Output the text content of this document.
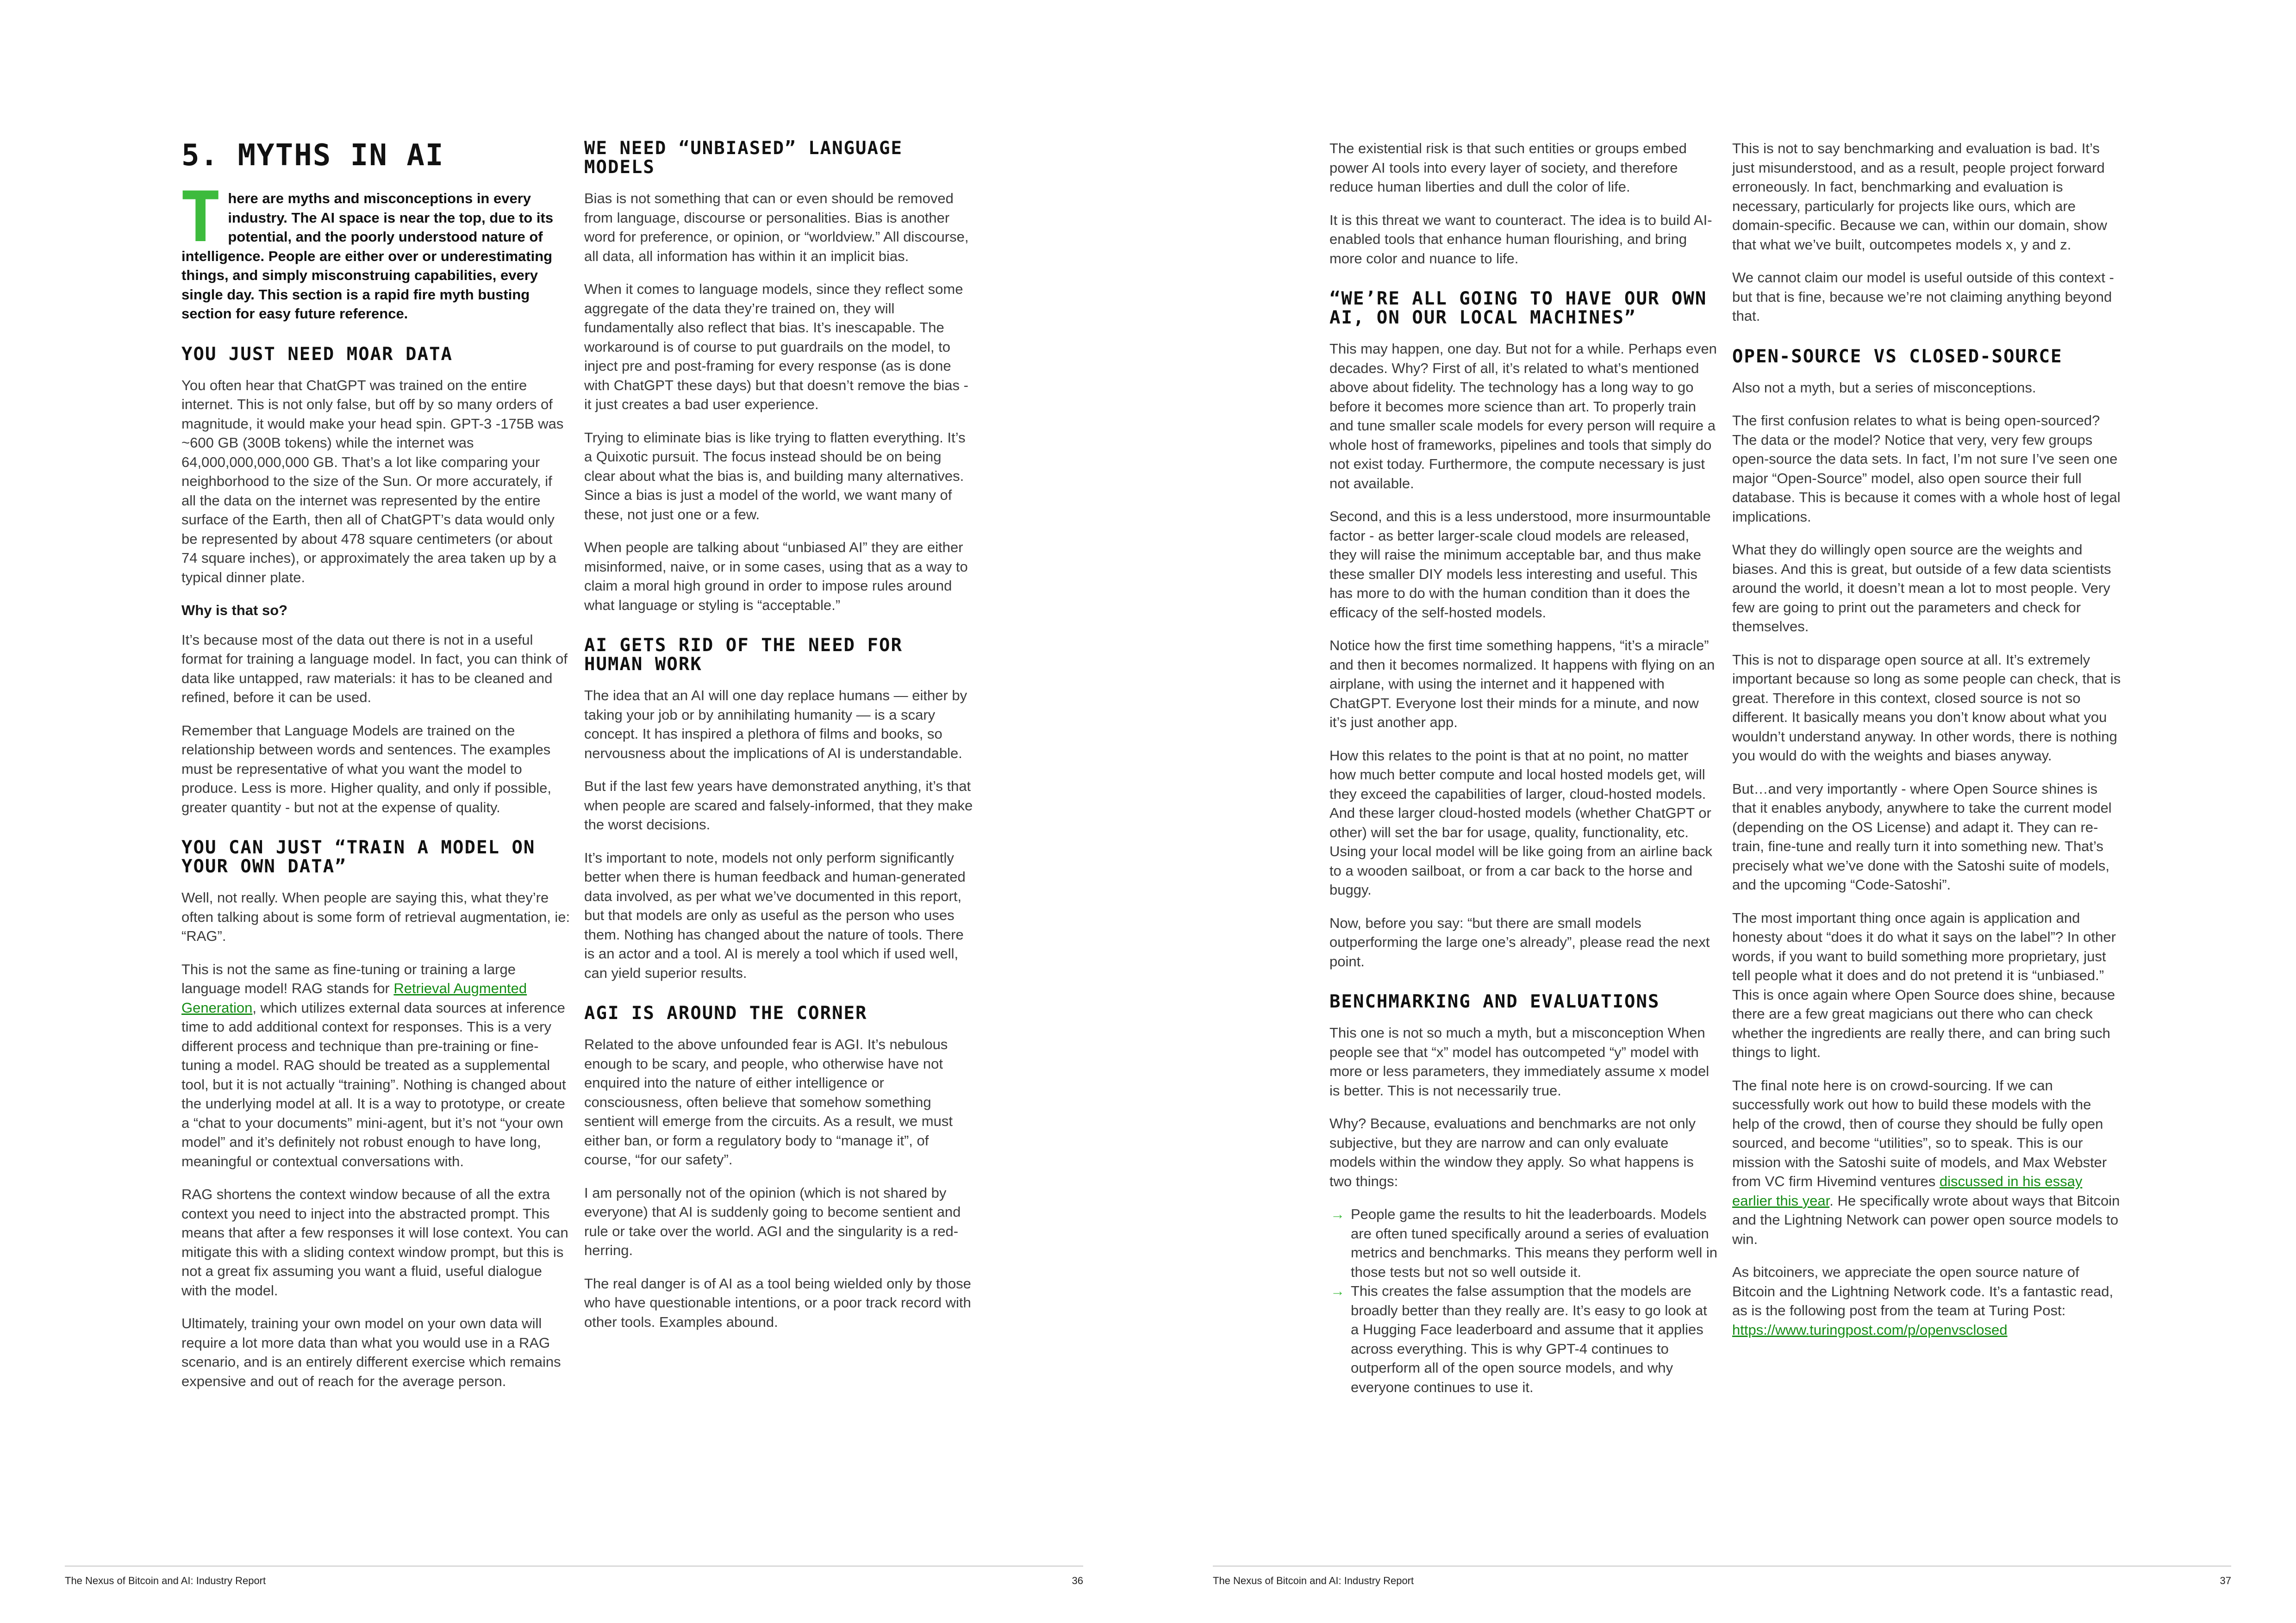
5. MYTHS IN AI

There are myths and misconceptions in every industry. The AI space is near the top, due to its potential, and the poorly understood nature of intelligence. People are either over or underestimating things, and simply misconstruing capabilities, every single day. This section is a rapid fire myth busting section for easy future reference.

YOU JUST NEED MOAR DATA

You often hear that ChatGPT was trained on the entire internet. This is not only false, but off by so many orders of magnitude, it would make your head spin. GPT-3 -175B was ~600 GB (300B tokens) while the internet was 64,000,000,000,000 GB. That’s a lot like comparing your neighborhood to the size of the Sun. Or more accurately, if all the data on the internet was represented by the entire surface of the Earth, then all of ChatGPT’s data would only be represented by about 478 square centimeters (or about 74 square inches), or approximately the area taken up by a typical dinner plate.

Why is that so?

It’s because most of the data out there is not in a useful format for training a language model. In fact, you can think of data like untapped, raw materials: it has to be cleaned and refined, before it can be used.

Remember that Language Models are trained on the relationship between words and sentences. The examples must be representative of what you want the model to produce. Less is more. Higher quality, and only if possible, greater quantity - but not at the expense of quality.

YOU CAN JUST “TRAIN A MODEL ON YOUR OWN DATA”

Well, not really. When people are saying this, what they’re often talking about is some form of retrieval augmentation, ie: “RAG”.

This is not the same as fine-tuning or training a large language model! RAG stands for Retrieval Augmented Generation, which utilizes external data sources at inference time to add additional context for responses. This is a very different process and technique than pre-training or fine-tuning a model. RAG should be treated as a supplemental tool, but it is not actually “training”. Nothing is changed about the underlying model at all. It is a way to prototype, or create a “chat to your documents” mini-agent, but it’s not “your own model” and it’s definitely not robust enough to have long, meaningful or contextual conversations with.

RAG shortens the context window because of all the extra context you need to inject into the abstracted prompt. This means that after a few responses it will lose context. You can mitigate this with a sliding context window prompt, but this is not a great fix assuming you want a fluid, useful dialogue with the model.

Ultimately, training your own model on your own data will require a lot more data than what you would use in a RAG scenario, and is an entirely different exercise which remains expensive and out of reach for the average person.

WE NEED “UNBIASED” LANGUAGE MODELS

Bias is not something that can or even should be removed from language, discourse or personalities. Bias is another word for preference, or opinion, or “worldview.” All discourse, all data, all information has within it an implicit bias.

When it comes to language models, since they reflect some aggregate of the data they’re trained on, they will fundamentally also reflect that bias. It’s inescapable. The workaround is of course to put guardrails on the model, to inject pre and post-framing for every response (as is done with ChatGPT these days) but that doesn’t remove the bias - it just creates a bad user experience.

Trying to eliminate bias is like trying to flatten everything. It’s a Quixotic pursuit. The focus instead should be on being clear about what the bias is, and building many alternatives. Since a bias is just a model of the world, we want many of these, not just one or a few.

When people are talking about “unbiased AI” they are either misinformed, naive, or in some cases, using that as a way to claim a moral high ground in order to impose rules around what language or styling is “acceptable.”

AI GETS RID OF THE NEED FOR HUMAN WORK

The idea that an AI will one day replace humans — either by taking your job or by annihilating humanity — is a scary concept. It has inspired a plethora of films and books, so nervousness about the implications of AI is understandable.

But if the last few years have demonstrated anything, it’s that when people are scared and falsely-informed, that they make the worst decisions.

It’s important to note, models not only perform significantly better when there is human feedback and human-generated data involved, as per what we’ve documented in this report, but that models are only as useful as the person who uses them. Nothing has changed about the nature of tools. There is an actor and a tool. AI is merely a tool which if used well, can yield superior results.

AGI IS AROUND THE CORNER

Related to the above unfounded fear is AGI. It’s nebulous enough to be scary, and people, who otherwise have not enquired into the nature of either intelligence or consciousness, often believe that somehow something sentient will emerge from the circuits. As a result, we must either ban, or form a regulatory body to “manage it”, of course, “for our safety”.

I am personally not of the opinion (which is not shared by everyone) that AI is suddenly going to become sentient and rule or take over the world. AGI and the singularity is a red-herring.

The real danger is of AI as a tool being wielded only by those who have questionable intentions, or a poor track record with other tools. Examples abound.

The Nexus of Bitcoin and AI: Industry Report	36

The existential risk is that such entities or groups embed power AI tools into every layer of society, and therefore reduce human liberties and dull the color of life.

It is this threat we want to counteract. The idea is to build AI-enabled tools that enhance human flourishing, and bring more color and nuance to life.

“WE’RE ALL GOING TO HAVE OUR OWN AI, ON OUR LOCAL MACHINES”

This may happen, one day. But not for a while. Perhaps even decades. Why? First of all, it’s related to what’s mentioned above about fidelity. The technology has a long way to go before it becomes more science than art. To properly train and tune smaller scale models for every person will require a whole host of frameworks, pipelines and tools that simply do not exist today. Furthermore, the compute necessary is just not available.

Second, and this is a less understood, more insurmountable factor - as better larger-scale cloud models are released, they will raise the minimum acceptable bar, and thus make these smaller DIY models less interesting and useful. This has more to do with the human condition than it does the efficacy of the self-hosted models.

Notice how the first time something happens, “it’s a miracle” and then it becomes normalized. It happens with flying on an airplane, with using the internet and it happened with ChatGPT. Everyone lost their minds for a minute, and now it’s just another app.

How this relates to the point is that at no point, no matter how much better compute and local hosted models get, will they exceed the capabilities of larger, cloud-hosted models. And these larger cloud-hosted models (whether ChatGPT or other) will set the bar for usage, quality, functionality, etc. Using your local model will be like going from an airline back to a wooden sailboat, or from a car back to the horse and buggy.

Now, before you say: “but there are small models outperforming the large one’s already”, please read the next point.

BENCHMARKING AND EVALUATIONS

This one is not so much a myth, but a misconception When people see that “x” model has outcompeted “y” model with more or less parameters, they immediately assume x model is better. This is not necessarily true.

Why? Because, evaluations and benchmarks are not only subjective, but they are narrow and can only evaluate models within the window they apply. So what happens is two things:

→ People game the results to hit the leaderboards. Models are often tuned specifically around a series of evaluation metrics and benchmarks. This means they perform well in those tests but not so well outside it.
→ This creates the false assumption that the models are broadly better than they really are. It’s easy to go look at a Hugging Face leaderboard and assume that it applies across everything. This is why GPT-4 continues to outperform all of the open source models, and why everyone continues to use it.

This is not to say benchmarking and evaluation is bad. It’s just misunderstood, and as a result, people project forward erroneously. In fact, benchmarking and evaluation is necessary, particularly for projects like ours, which are domain-specific. Because we can, within our domain, show that what we’ve built, outcompetes models x, y and z.

We cannot claim our model is useful outside of this context - but that is fine, because we’re not claiming anything beyond that.

OPEN-SOURCE VS CLOSED-SOURCE

Also not a myth, but a series of misconceptions.

The first confusion relates to what is being open-sourced? The data or the model? Notice that very, very few groups open-source the data sets. In fact, I’m not sure I’ve seen one major “Open-Source” model, also open source their full database. This is because it comes with a whole host of legal implications.

What they do willingly open source are the weights and biases. And this is great, but outside of a few data scientists around the world, it doesn’t mean a lot to most people. Very few are going to print out the parameters and check for themselves.

This is not to disparage open source at all. It’s extremely important because so long as some people can check, that is great. Therefore in this context, closed source is not so different. It basically means you don’t know about what you wouldn’t understand anyway. In other words, there is nothing you would do with the weights and biases anyway.

But…and very importantly - where Open Source shines is that it enables anybody, anywhere to take the current model (depending on the OS License) and adapt it. They can re-train, fine-tune and really turn it into something new. That’s precisely what we’ve done with the Satoshi suite of models, and the upcoming “Code-Satoshi”.

The most important thing once again is application and honesty about “does it do what it says on the label”? In other words, if you want to build something more proprietary, just tell people what it does and do not pretend it is “unbiased.” This is once again where Open Source does shine, because there are a few great magicians out there who can check whether the ingredients are really there, and can bring such things to light.

The final note here is on crowd-sourcing. If we can successfully work out how to build these models with the help of the crowd, then of course they should be fully open sourced, and become “utilities”, so to speak. This is our mission with the Satoshi suite of models, and Max Webster from VC firm Hivemind ventures discussed in his essay earlier this year. He specifically wrote about ways that Bitcoin and the Lightning Network can power open source models to win.

As bitcoiners, we appreciate the open source nature of Bitcoin and the Lightning Network code. It’s a fantastic read, as is the following post from the team at Turing Post: https://www.turingpost.com/p/openvsclosed

The Nexus of Bitcoin and AI: Industry Report	37
